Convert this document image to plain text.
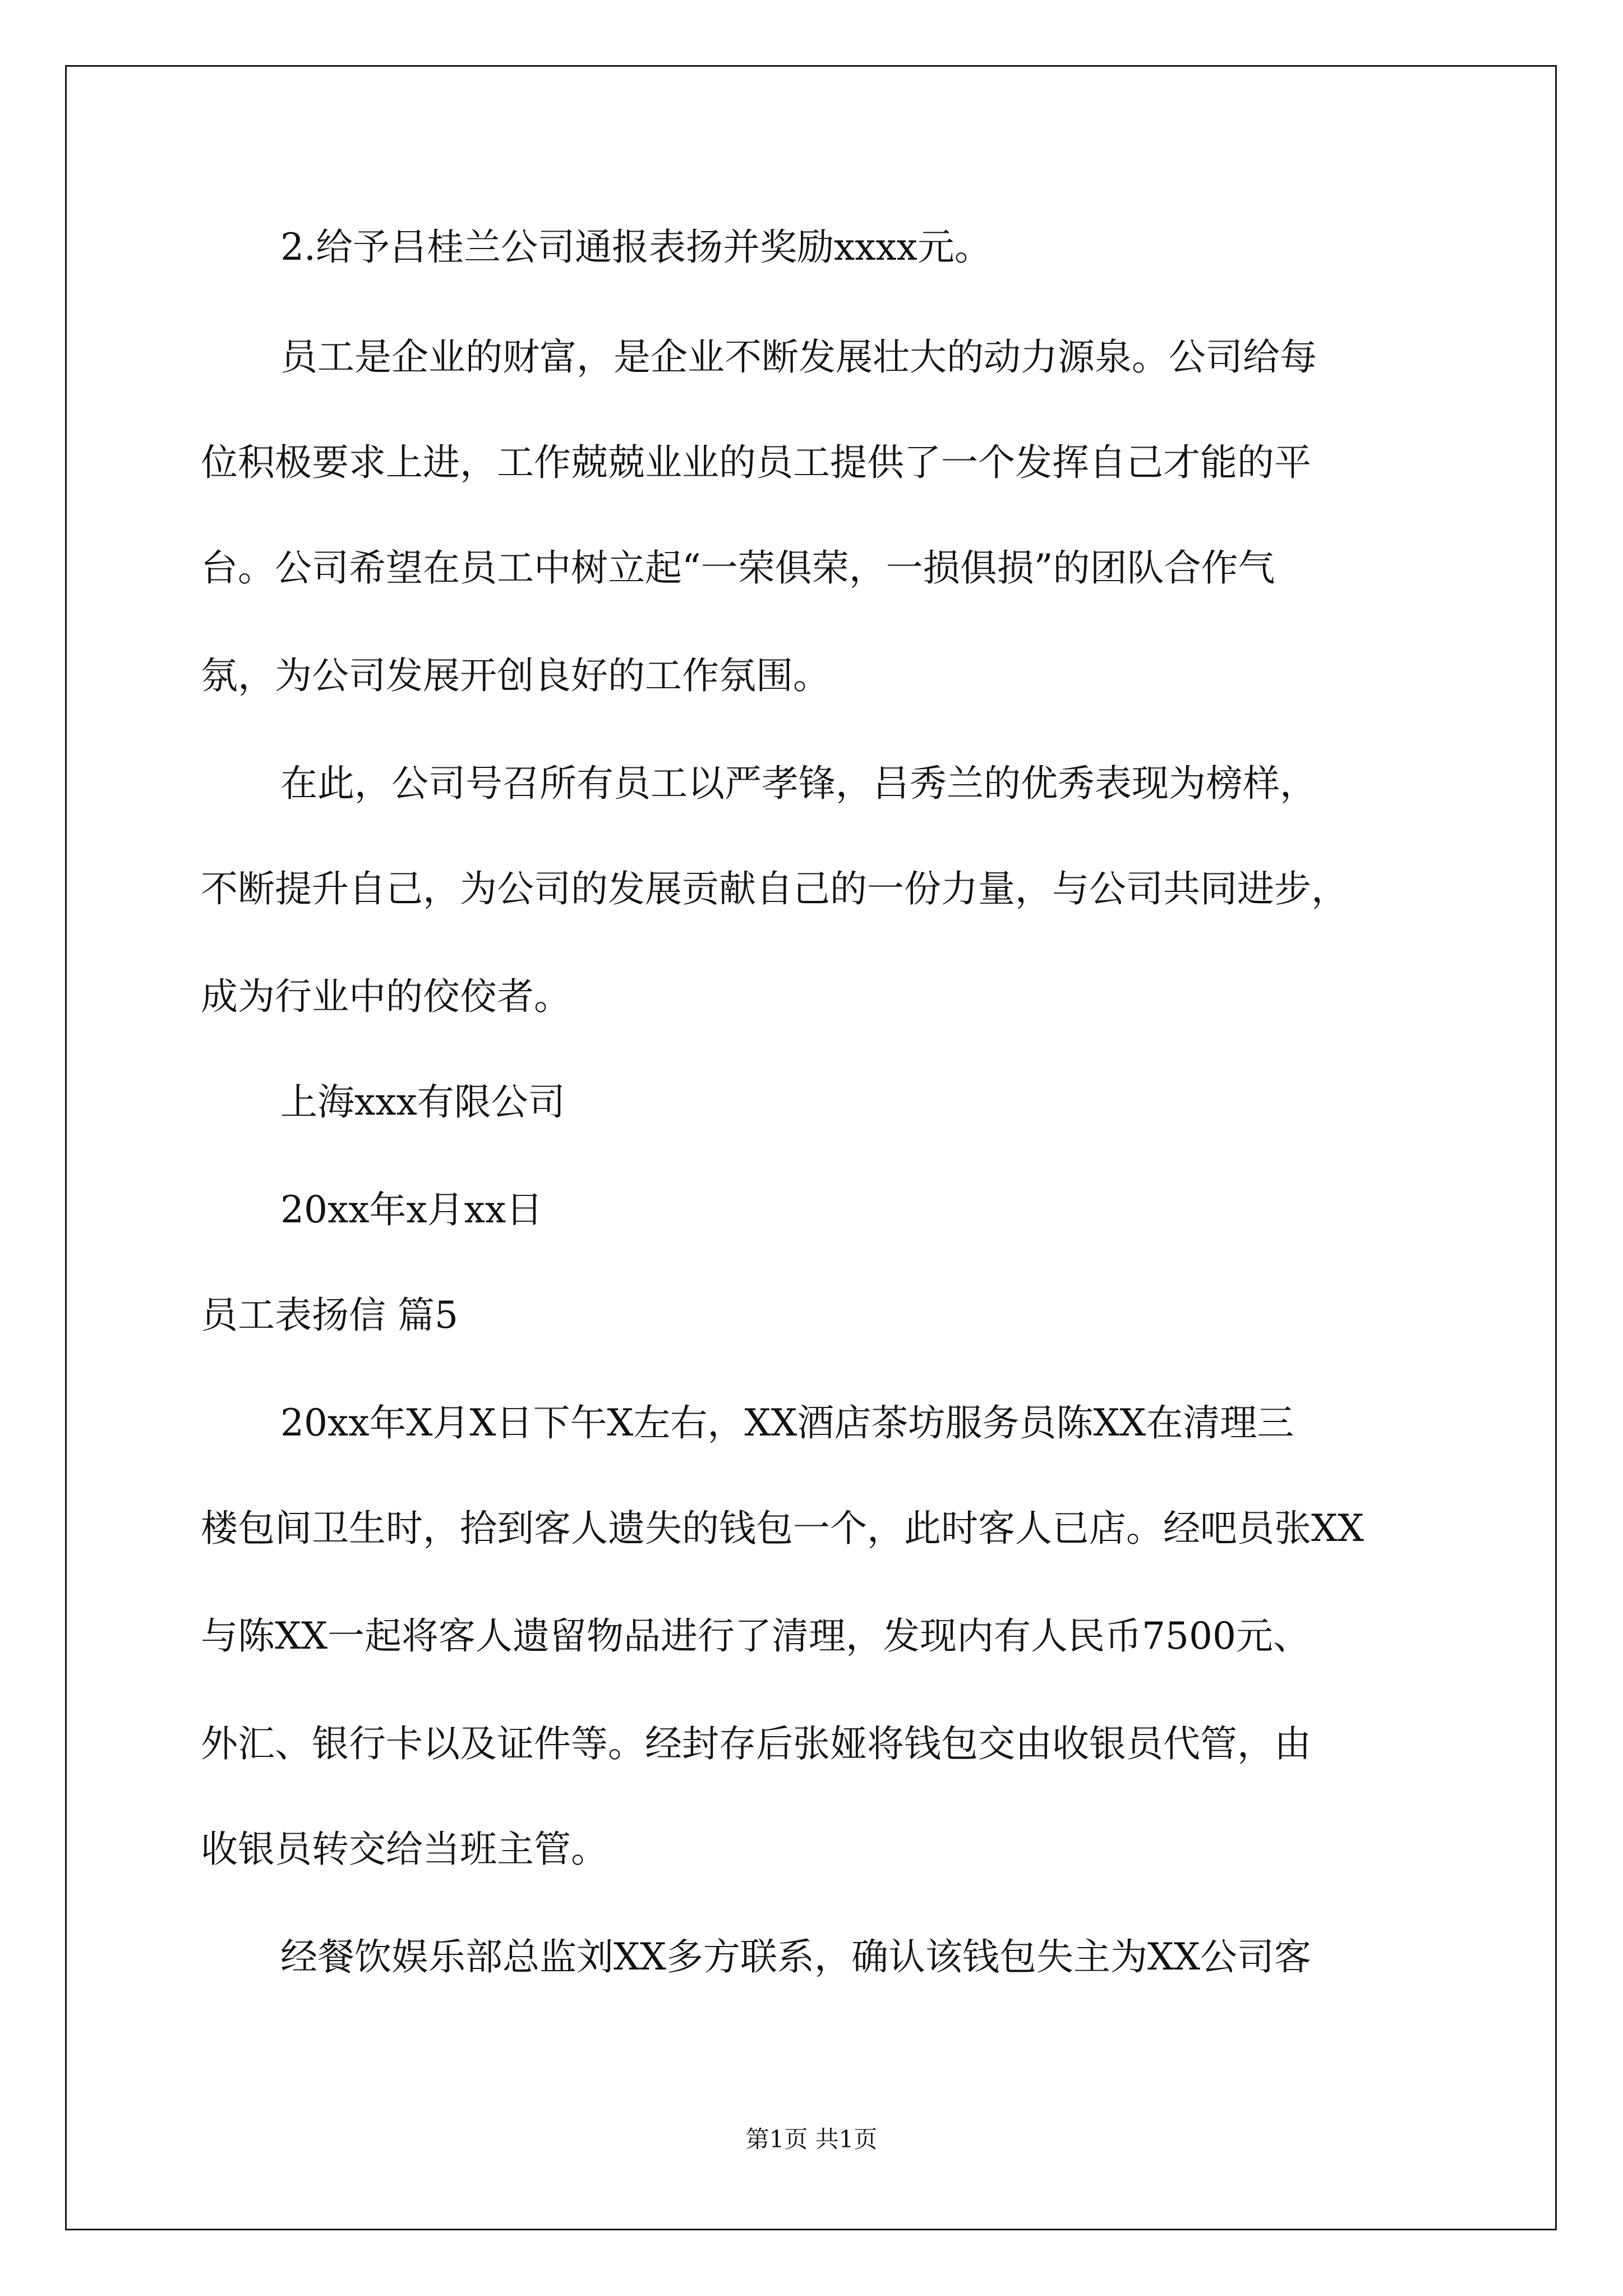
2.给予吕桂兰公司通报表扬并奖励xxxx元。
员工是企业的财富，是企业不断发展壮大的动力源泉。公司给每
位积极要求上进，工作兢兢业业的员工提供了一个发挥自己才能的平
台。公司希望在员工中树立起“一荣俱荣，一损俱损”的团队合作气
氛，为公司发展开创良好的工作氛围。
在此，公司号召所有员工以严孝锋，吕秀兰的优秀表现为榜样，
不断提升自己，为公司的发展贡献自己的一份力量，与公司共同进步，
成为行业中的佼佼者。
上海xxx有限公司
20xx年x月xx日
员工表扬信 篇5
20xx年X月X日下午X左右，XX酒店茶坊服务员陈XX在清理三
楼包间卫生时，拾到客人遗失的钱包一个，此时客人已店。经吧员张XX
与陈XX一起将客人遗留物品进行了清理，发现内有人民币7500元、
外汇、银行卡以及证件等。经封存后张娅将钱包交由收银员代管，由
收银员转交给当班主管。
经餐饮娱乐部总监刘XX多方联系，确认该钱包失主为XX公司客
第1页 共1页
